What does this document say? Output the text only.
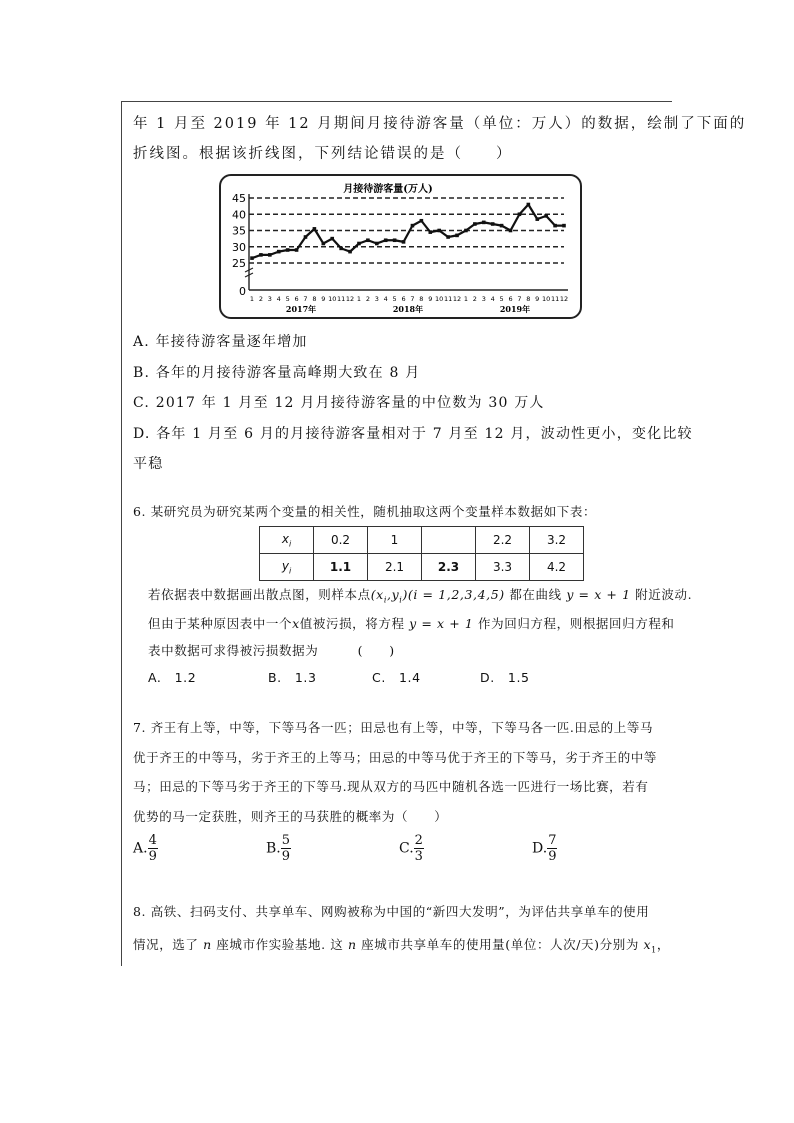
年 1 月至 2019 年 12 月期间月接待游客量（单位：万人）的数据，绘制了下面的
折线图。根据该折线图，下列结论错误的是（　　）
月接待游客量(万人)
0
25
30
35
40
45
1 2 3 4 5 6 7 8 9 10 11 12 1 2 3 4 5 6 7 8 9 10 11 12 1 2 3 4 5 6 7 8 9 10 11 12
2017年	2018年	2019年
A. 年接待游客量逐年增加
B. 各年的月接待游客量高峰期大致在 8 月
C. 2017 年 1 月至 12 月月接待游客量的中位数为 30 万人
D. 各年 1 月至 6 月的月接待游客量相对于 7 月至 12 月，波动性更小，变化比较
平稳
6. 某研究员为研究某两个变量的相关性，随机抽取这两个变量样本数据如下表：
$x_i$	0.2	1		2.2	3.2
$y_i$	1.1	2.1	2.3	3.3	4.2
若依据表中数据画出散点图，则样本点$(x_i,y_i)(i = 1,2,3,4,5)$ 都在曲线 y = x + 1 附近波动.
但由于某种原因表中一个x值被污损，将方程 y = x + 1 作为回归方程，则根据回归方程和
表中数据可求得被污损数据为　　　(　　)
A.　1.2	B.　1.3	C.　1.4	D.　1.5
7. 齐王有上等，中等，下等马各一匹；田忌也有上等，中等，下等马各一匹.田忌的上等马
优于齐王的中等马，劣于齐王的上等马；田忌的中等马优于齐王的下等马，劣于齐王的中等
马；田忌的下等马劣于齐王的下等马.现从双方的马匹中随机各选一匹进行一场比赛，若有
优势的马一定获胜，则齐王的马获胜的概率为（　　）
A. $\frac{4}{9}$	B. $\frac{5}{9}$	C. $\frac{2}{3}$	D. $\frac{7}{9}$
8. 高铁、扫码支付、共享单车、网购被称为中国的“新四大发明”，为评估共享单车的使用
情况，选了 n 座城市作实验基地. 这 n 座城市共享单车的使用量(单位：人次/天)分别为 $x_1$，
